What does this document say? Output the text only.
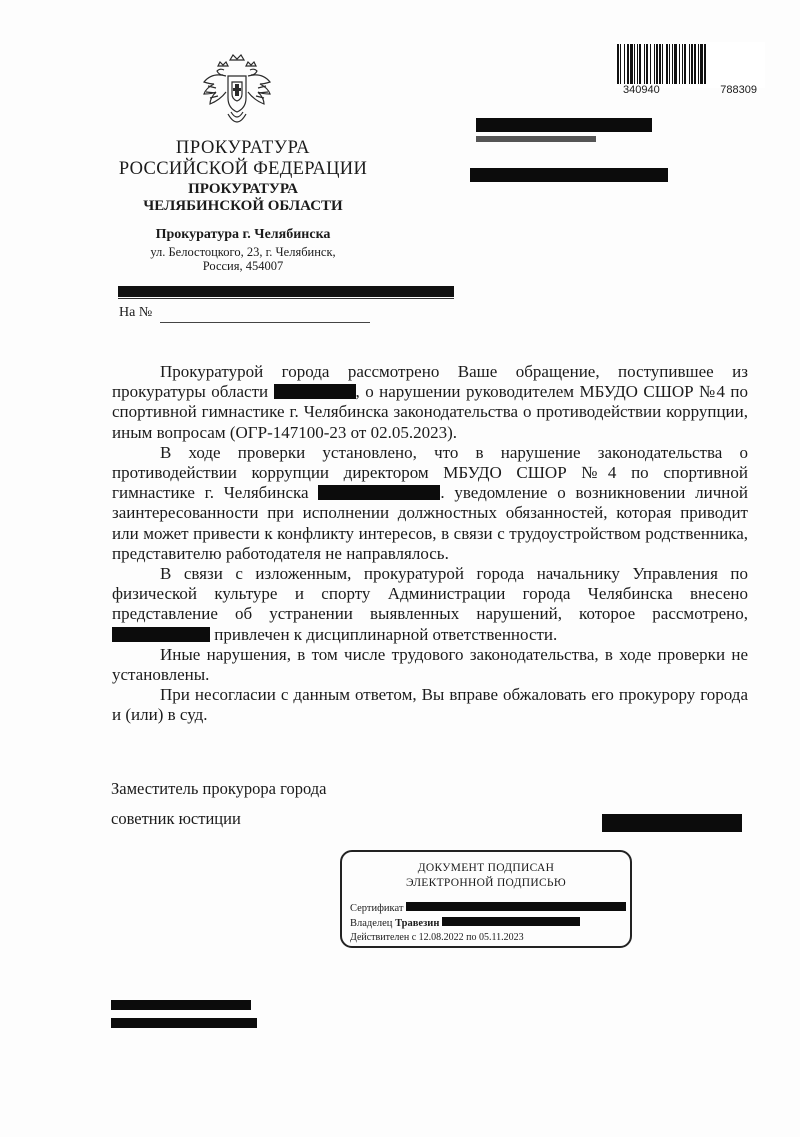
ПРОКУРАТУРА
РОССИЙСКОЙ ФЕДЕРАЦИИ
ПРОКУРАТУРА
ЧЕЛЯБИНСКОЙ ОБЛАСТИ
Прокуратура г. Челябинска
ул. Белостоцкого, 23, г. Челябинск,
Россия, 454007
На №
340940	788309

Прокуратурой города рассмотрено Ваше обращение, поступившее из прокуратуры области	, о нарушении руководителем МБУДО СШОР №4 по спортивной гимнастике г. Челябинска законодательства о противодействии коррупции, иным вопросам (ОГР-147100-23 от 02.05.2023).

В ходе проверки установлено, что в нарушение законодательства о противодействии коррупции директором МБУДО СШОР №4 по спортивной гимнастике г. Челябинска	. уведомление о возникновении личной заинтересованности при исполнении должностных обязанностей, которая приводит или может привести к конфликту интересов, в связи с трудоустройством родственника, представителю работодателя не направлялось.

В связи с изложенным, прокуратурой города начальнику Управления по физической культуре и спорту Администрации города Челябинска внесено представление об устранении выявленных нарушений, которое рассмотрено,  привлечен к дисциплинарной ответственности.

Иные нарушения, в том числе трудового законодательства, в ходе проверки не установлены.

При несогласии с данным ответом, Вы вправе обжаловать его прокурору города и (или) в суд.

Заместитель прокурора города
советник юстиции
ДОКУМЕНТ ПОДПИСАН
ЭЛЕКТРОННОЙ ПОДПИСЬЮ
Сертификат
Владелец Травезин
Действителен с 12.08.2022 по 05.11.2023
